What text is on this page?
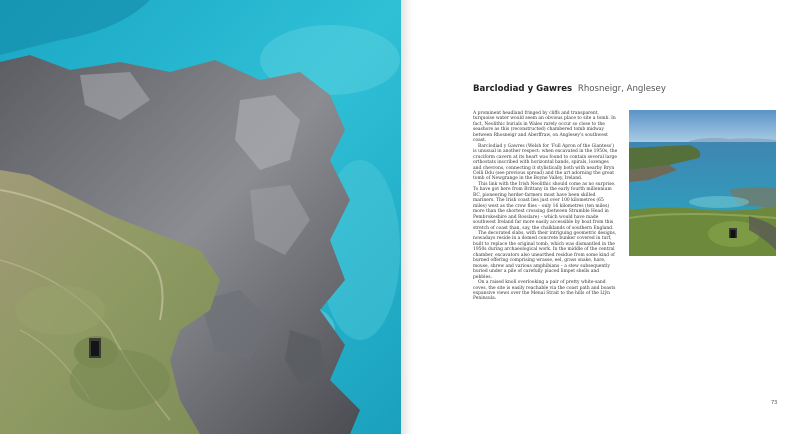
Barclodiad y Gawres Rhosneigr, Anglesey

A prominent headland fringed by cliffs and transparent, turquoise water would seem an obvious place to site a tomb. In fact, Neolithic burials in Wales rarely occur so close to the seashore as this (reconstructed) chambered tomb midway between Rhosneigr and Aberffraw, on Anglesey’s southwest coast.

Barclodiad y Gawres (Welsh for ‘Full Apron of the Giantess’) is unusual in another respect: when excavated in the 1950s, the cruciform cavern at its heart was found to contain several large orthostats inscribed with horizontal bands, spirals, lozenges and chevrons, connecting it stylistically both with nearby Bryn Celli Ddu (see previous spread) and the art adorning the great tomb of Newgrange in the Boyne Valley, Ireland.

This link with the Irish Neolithic should come as no surprise. To have got here from Brittany in the early fourth millennium BC, pioneering herder-farmers must have been skilled mariners. The Irish coast lies just over 100 kilometres (65 miles) west as the crow flies – only 16 kilometres (ten miles) more than the shortest crossing (between Strumble Head in Pembrokeshire and Rosslare) – which would have made southwest Ireland far more easily accessible by boat from this stretch of coast than, say, the chalklands of southern England.

The decorated slabs, with their intriguing geometric designs, nowadays reside in a domed concrete bunker covered in turf, built to replace the original tomb, which was dismantled in the 1950s during archaeological work. In the middle of the central chamber, excavators also unearthed residue from some kind of burned offering comprising wrasse, eel, grass snake, hare, mouse, shrew and various amphibians – a stew subsequently buried under a pile of carefully placed limpet shells and pebbles.

On a raised knoll overlooking a pair of pretty white-sand coves, the site is easily reachable via the coast path and boasts expansive views over the Menai Strait to the hills of the Llŷn Peninsula.

73
